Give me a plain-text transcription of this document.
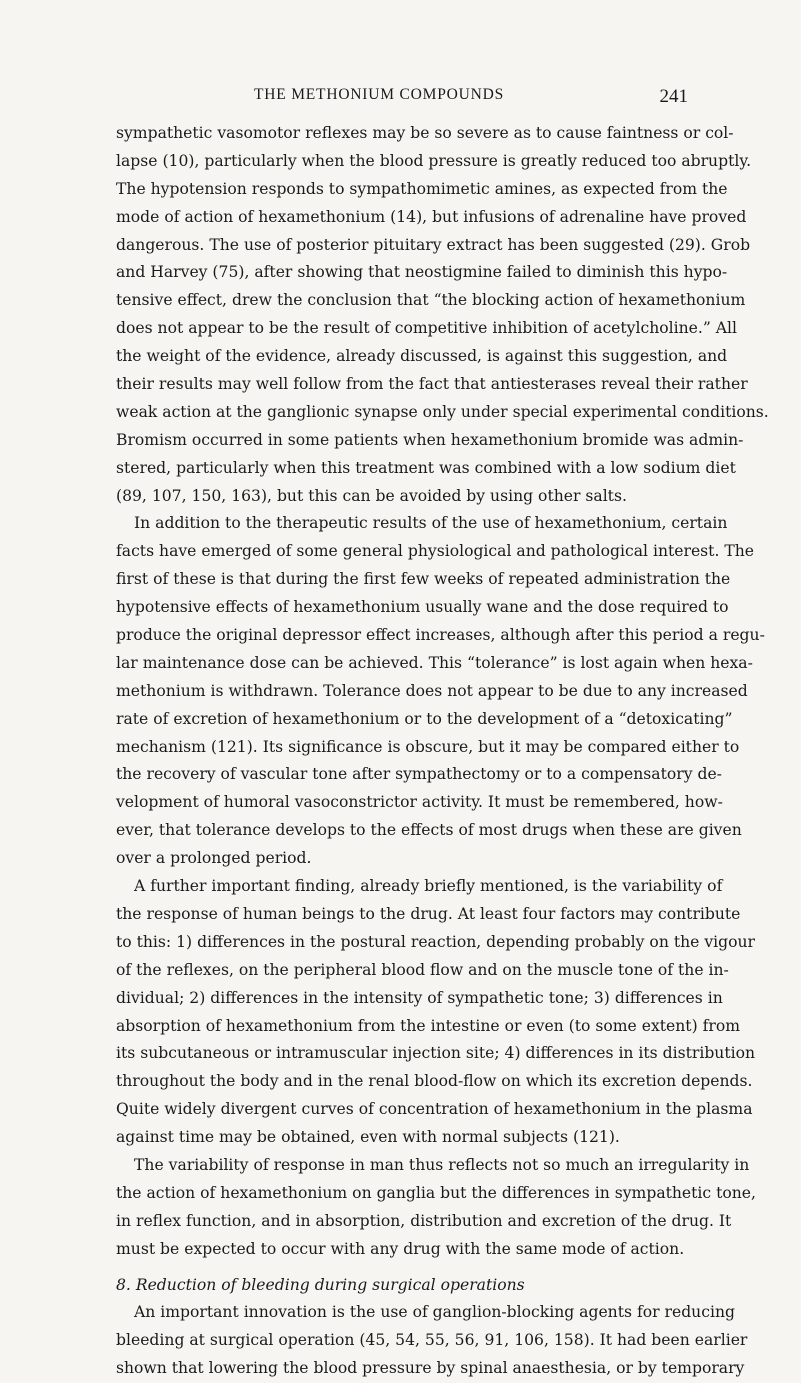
THE METHONIUM COMPOUNDS	241
sympathetic vasomotor reflexes may be so severe as to cause faintness or col-
lapse (10), particularly when the blood pressure is greatly reduced too abruptly.
The hypotension responds to sympathomimetic amines, as expected from the
mode of action of hexamethonium (14), but infusions of adrenaline have proved
dangerous. The use of posterior pituitary extract has been suggested (29). Grob
and Harvey (75), after showing that neostigmine failed to diminish this hypo-
tensive effect, drew the conclusion that “the blocking action of hexamethonium
does not appear to be the result of competitive inhibition of acetylcholine.” All
the weight of the evidence, already discussed, is against this suggestion, and
their results may well follow from the fact that antiesterases reveal their rather
weak action at the ganglionic synapse only under special experimental conditions.
Bromism occurred in some patients when hexamethonium bromide was admin-
stered, particularly when this treatment was combined with a low sodium diet
(89, 107, 150, 163), but this can be avoided by using other salts.
In addition to the therapeutic results of the use of hexamethonium, certain
facts have emerged of some general physiological and pathological interest. The
first of these is that during the first few weeks of repeated administration the
hypotensive effects of hexamethonium usually wane and the dose required to
produce the original depressor effect increases, although after this period a regu-
lar maintenance dose can be achieved. This “tolerance” is lost again when hexa-
methonium is withdrawn. Tolerance does not appear to be due to any increased
rate of excretion of hexamethonium or to the development of a “detoxicating”
mechanism (121). Its significance is obscure, but it may be compared either to
the recovery of vascular tone after sympathectomy or to a compensatory de-
velopment of humoral vasoconstrictor activity. It must be remembered, how-
ever, that tolerance develops to the effects of most drugs when these are given
over a prolonged period.
A further important finding, already briefly mentioned, is the variability of
the response of human beings to the drug. At least four factors may contribute
to this: 1) differences in the postural reaction, depending probably on the vigour
of the reflexes, on the peripheral blood flow and on the muscle tone of the in-
dividual; 2) differences in the intensity of sympathetic tone; 3) differences in
absorption of hexamethonium from the intestine or even (to some extent) from
its subcutaneous or intramuscular injection site; 4) differences in its distribution
throughout the body and in the renal blood-flow on which its excretion depends.
Quite widely divergent curves of concentration of hexamethonium in the plasma
against time may be obtained, even with normal subjects (121).
The variability of response in man thus reflects not so much an irregularity in
the action of hexamethonium on ganglia but the differences in sympathetic tone,
in reflex function, and in absorption, distribution and excretion of the drug. It
must be expected to occur with any drug with the same mode of action.
8. Reduction of bleeding during surgical operations
An important innovation is the use of ganglion-blocking agents for reducing
bleeding at surgical operation (45, 54, 55, 56, 91, 106, 158). It had been earlier
shown that lowering the blood pressure by spinal anaesthesia, or by temporary
